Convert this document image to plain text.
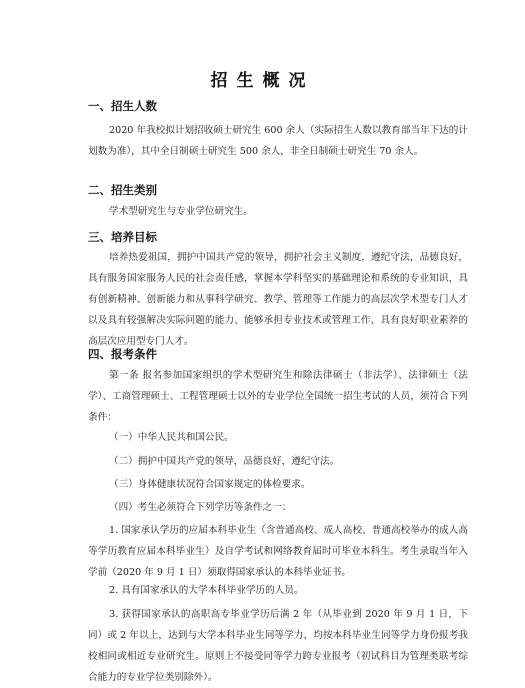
招生概况
一、招生人数
2020 年我校拟计划招收硕士研究生 600 余人（实际招生人数以教育部当年下达的计划数为准），其中全日制硕士研究生 500 余人，非全日制硕士研究生 70 余人。
二、招生类别
学术型研究生与专业学位研究生。
三、培养目标
培养热爱祖国，拥护中国共产党的领导，拥护社会主义制度，遵纪守法，品德良好，具有服务国家服务人民的社会责任感，掌握本学科坚实的基础理论和系统的专业知识，具有创新精神、创新能力和从事科学研究、教学、管理等工作能力的高层次学术型专门人才以及具有较强解决实际问题的能力、能够承担专业技术或管理工作、具有良好职业素养的高层次应用型专门人才。
四、报考条件
第一条 报名参加国家组织的学术型研究生和除法律硕士（非法学）、法律硕士（法学）、工商管理硕士、工程管理硕士以外的专业学位全国统一招生考试的人员，须符合下列条件：
（一）中华人民共和国公民。
（二）拥护中国共产党的领导，品德良好，遵纪守法。
（三）身体健康状况符合国家规定的体检要求。
（四）考生必须符合下列学历等条件之一：
1. 国家承认学历的应届本科毕业生（含普通高校、成人高校、普通高校举办的成人高等学历教育应届本科毕业生）及自学考试和网络教育届时可毕业本科生。考生录取当年入学前（2020 年 9 月 1 日）须取得国家承认的本科毕业证书。
2. 具有国家承认的大学本科毕业学历的人员。
3. 获得国家承认的高职高专毕业学历后满 2 年（从毕业到 2020 年 9 月 1 日，下同）或 2 年以上，达到与大学本科毕业生同等学力，均按本科毕业生同等学力身份报考我校相同或相近专业研究生。原则上不接受同等学力跨专业报考（初试科目为管理类联考综合能力的专业学位类别除外）。
